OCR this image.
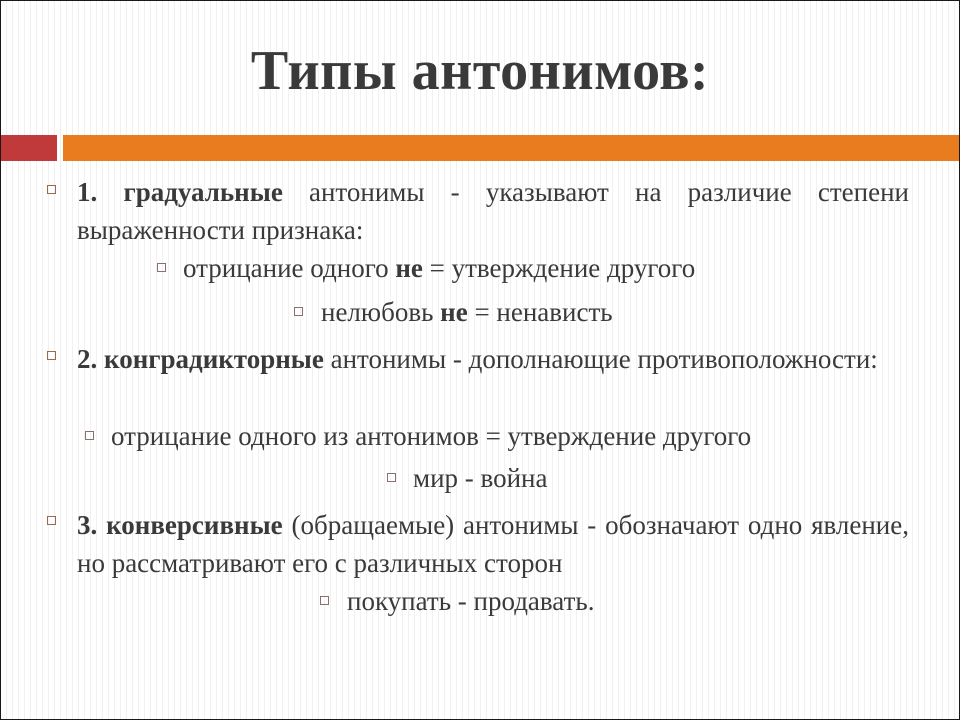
Типы антонимов:
1. градуальные антонимы - указывают на различие степени выраженности признака:
отрицание одного не = утверждение другого
нелюбовь не = ненависть
2. конградикторные антонимы - дополнающие противоположности:
отрицание одного из антонимов = утверждение другого
мир - война
3. конверсивные (обращаемые) антонимы - обозначают одно явление, но рассматривают его с различных сторон
покупать - продавать.
